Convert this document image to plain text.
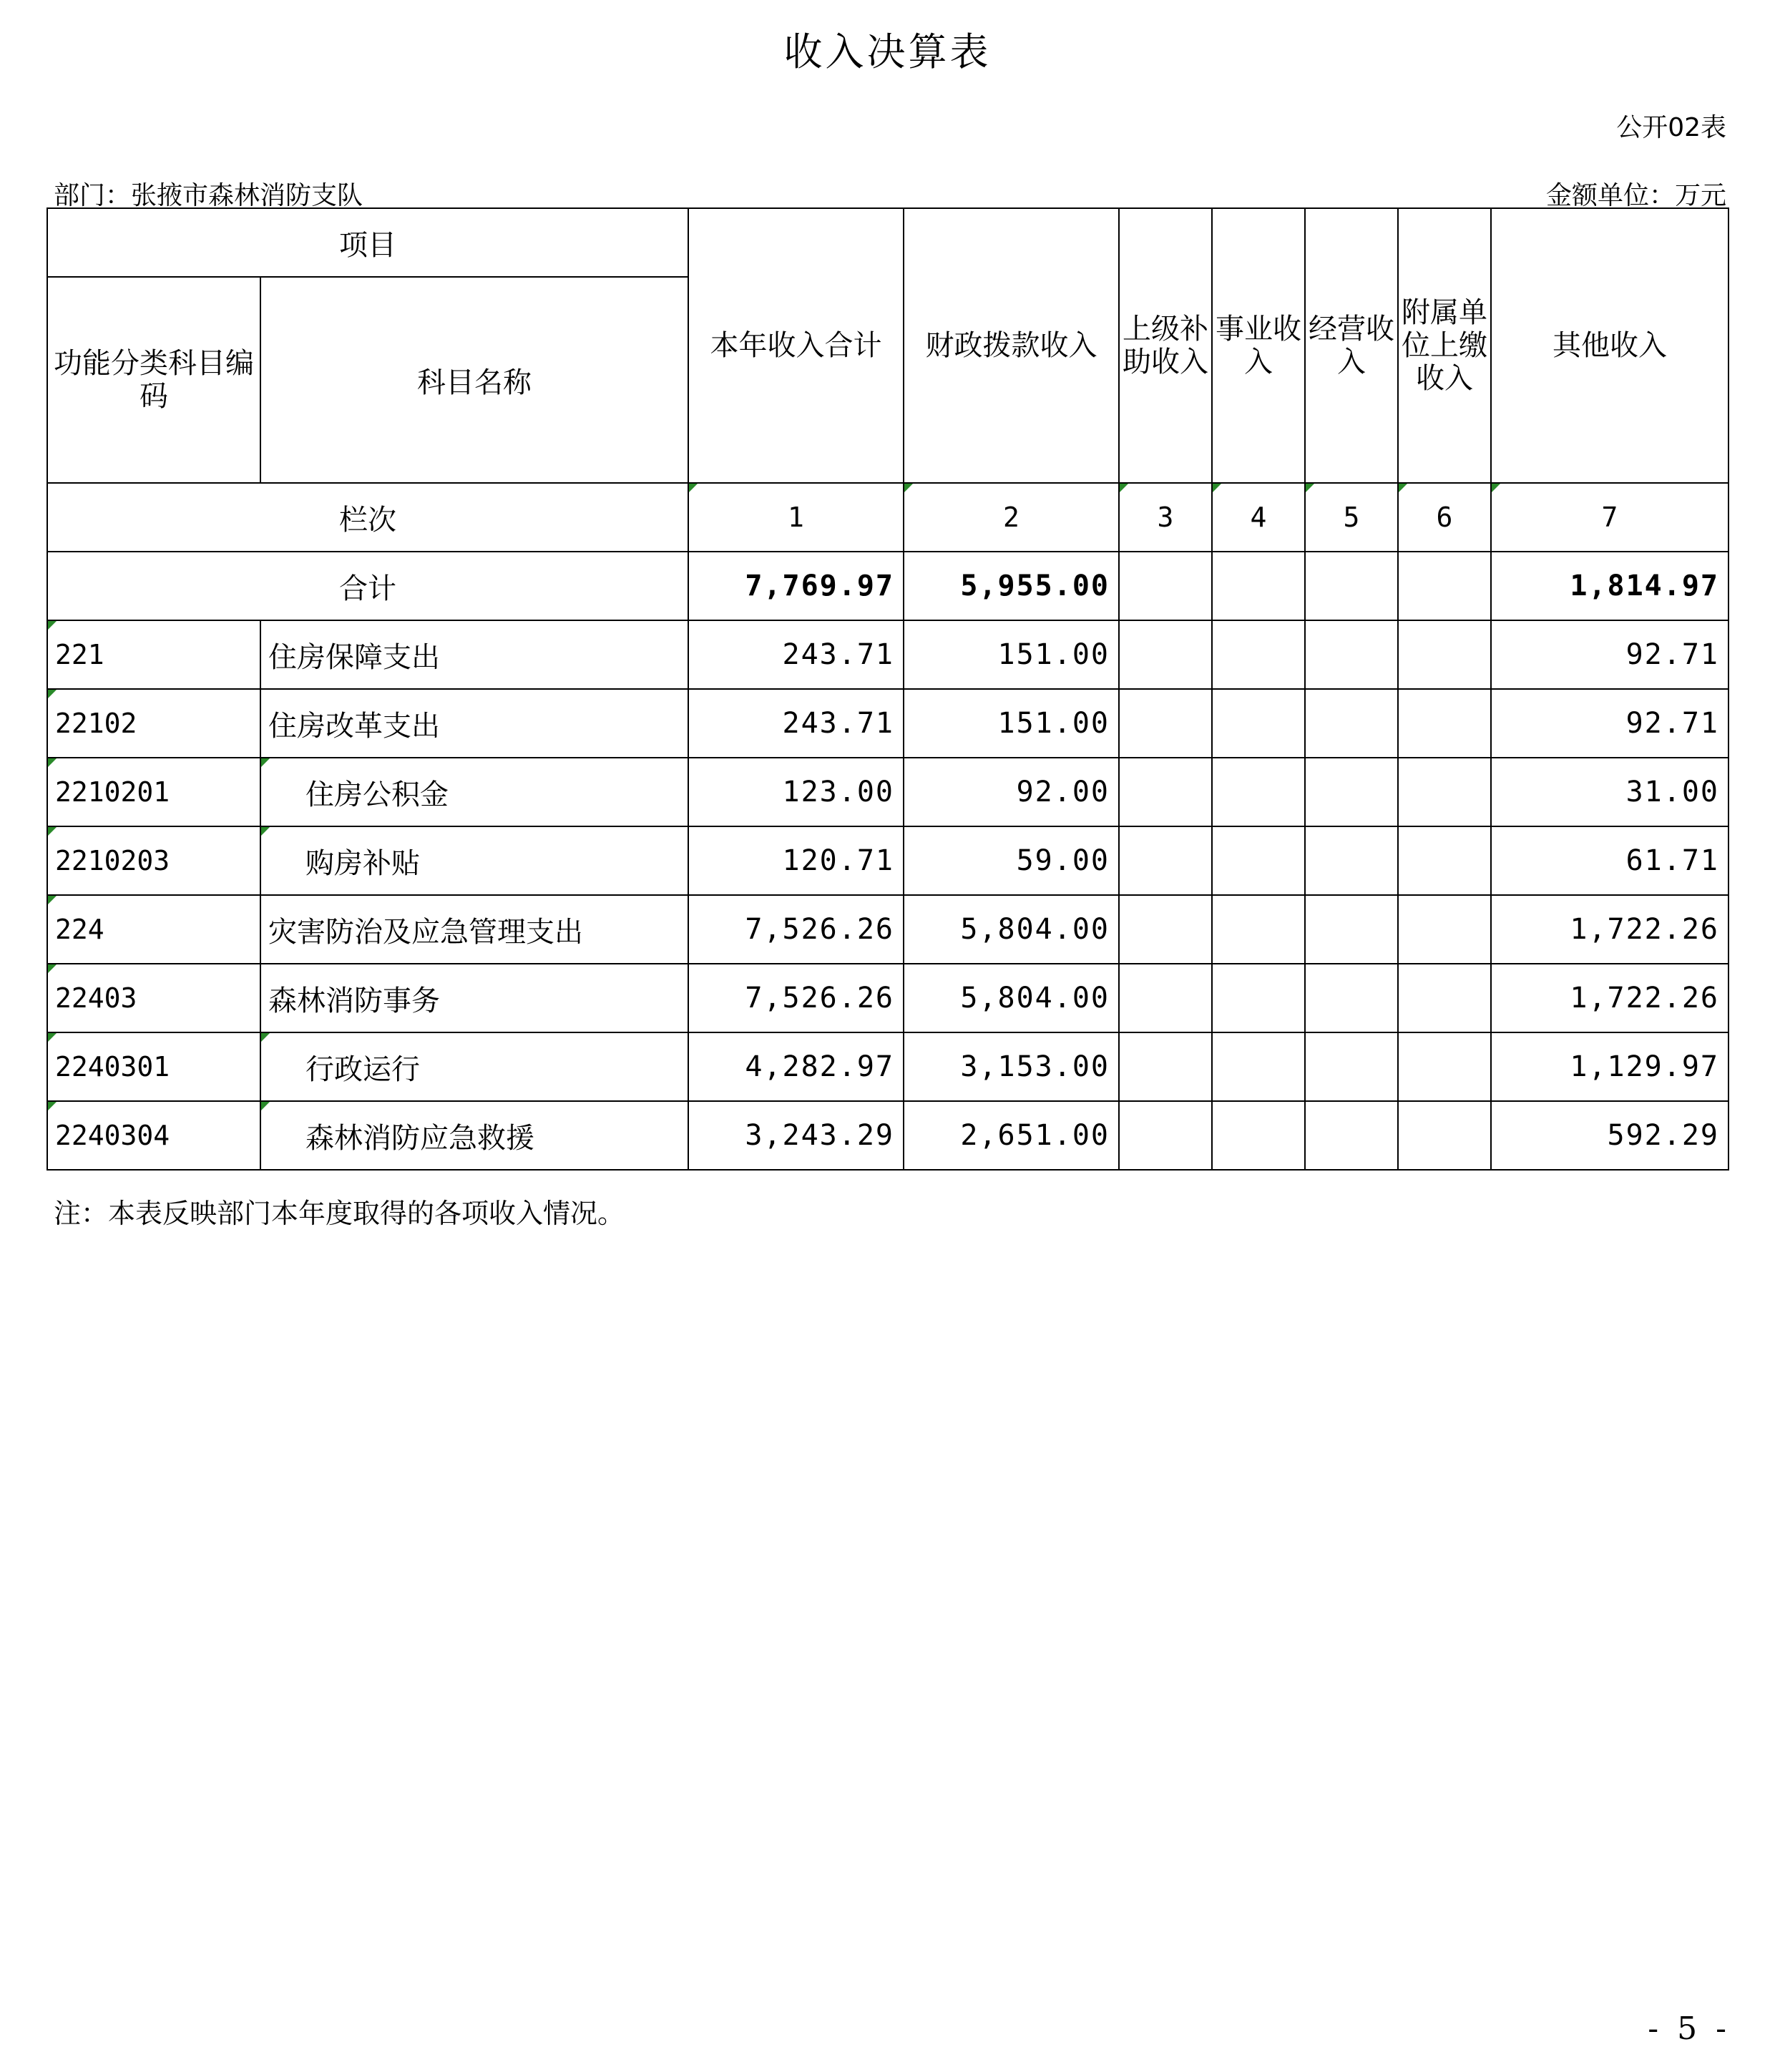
收入决算表
公开02表
部门：张掖市森林消防支队	金额单位：万元
项目		本年收入合计	财政拨款收入	上级补助收入	事业收入	经营收入	附属单位上缴收入	其他收入
功能分类科目编码	科目名称							
栏次		1	2	3	4	5	6	7
合计		7,769.97	5,955.00					1,814.97
221	住房保障支出	243.71	151.00					92.71
22102	住房改革支出	243.71	151.00					92.71
2210201	住房公积金	123.00	92.00					31.00
2210203	购房补贴	120.71	59.00					61.71
224	灾害防治及应急管理支出	7,526.26	5,804.00					1,722.26
22403	森林消防事务	7,526.26	5,804.00					1,722.26
2240301	行政运行	4,282.97	3,153.00					1,129.97
2240304	森林消防应急救援	3,243.29	2,651.00					592.29
注：本表反映部门本年度取得的各项收入情况。
- 5 -
